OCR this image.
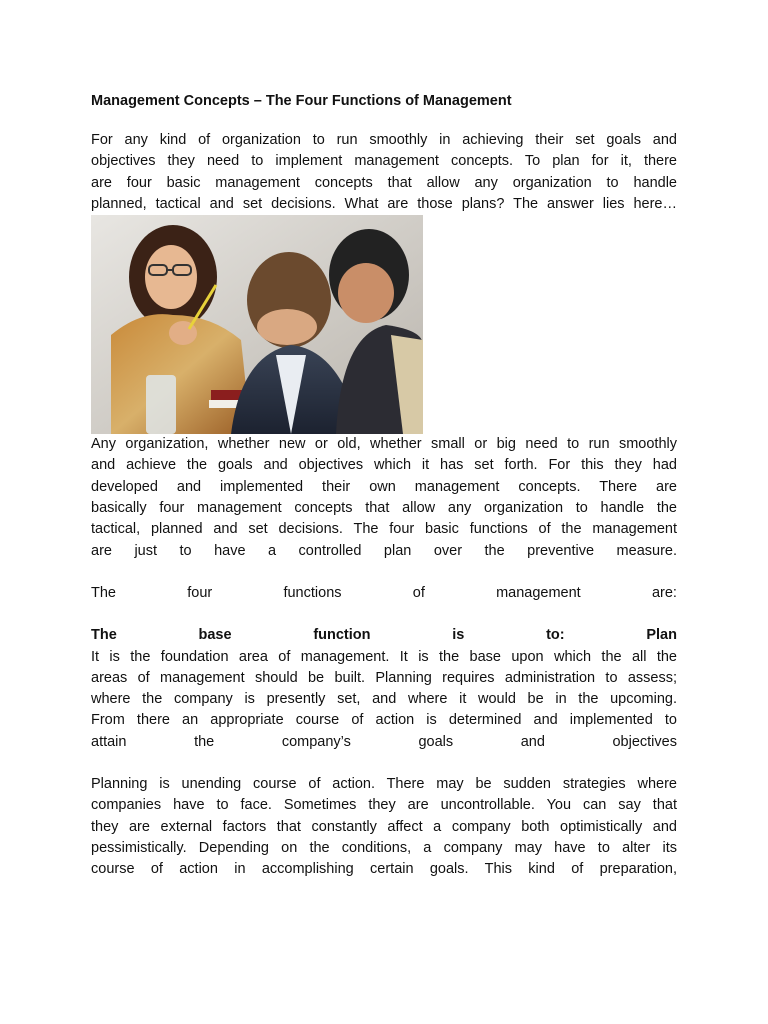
Management Concepts – The Four Functions of Management

For any kind of organization to run smoothly in achieving their set goals and

objectives they need to implement management concepts. To plan for it, there

are four basic management concepts that allow any organization to handle

planned, tactical and set decisions. What are those plans? The answer lies here…

Any organization, whether new or old, whether small or big need to run smoothly

and achieve the goals and objectives which it has set forth. For this they had

developed and implemented their own management concepts. There are

basically four management concepts that allow any organization to handle the

tactical, planned and set decisions. The four basic functions of the management

are just to have a controlled plan over the preventive measure.

The	four	functions	of	management	are:
The	base	function	is	to:	Plan

It is the foundation area of management. It is the base upon which the all the

areas of management should be built. Planning requires administration to assess;

where the company is presently set, and where it would be in the upcoming.

From there an appropriate course of action is determined and implemented to

attain	the	company’s	goals	and	objectives

Planning is unending course of action. There may be sudden strategies where

companies have to face. Sometimes they are uncontrollable. You can say that

they are external factors that constantly affect a company both optimistically and

pessimistically. Depending on the conditions, a company may have to alter its

course of action in accomplishing certain goals. This kind of preparation,
